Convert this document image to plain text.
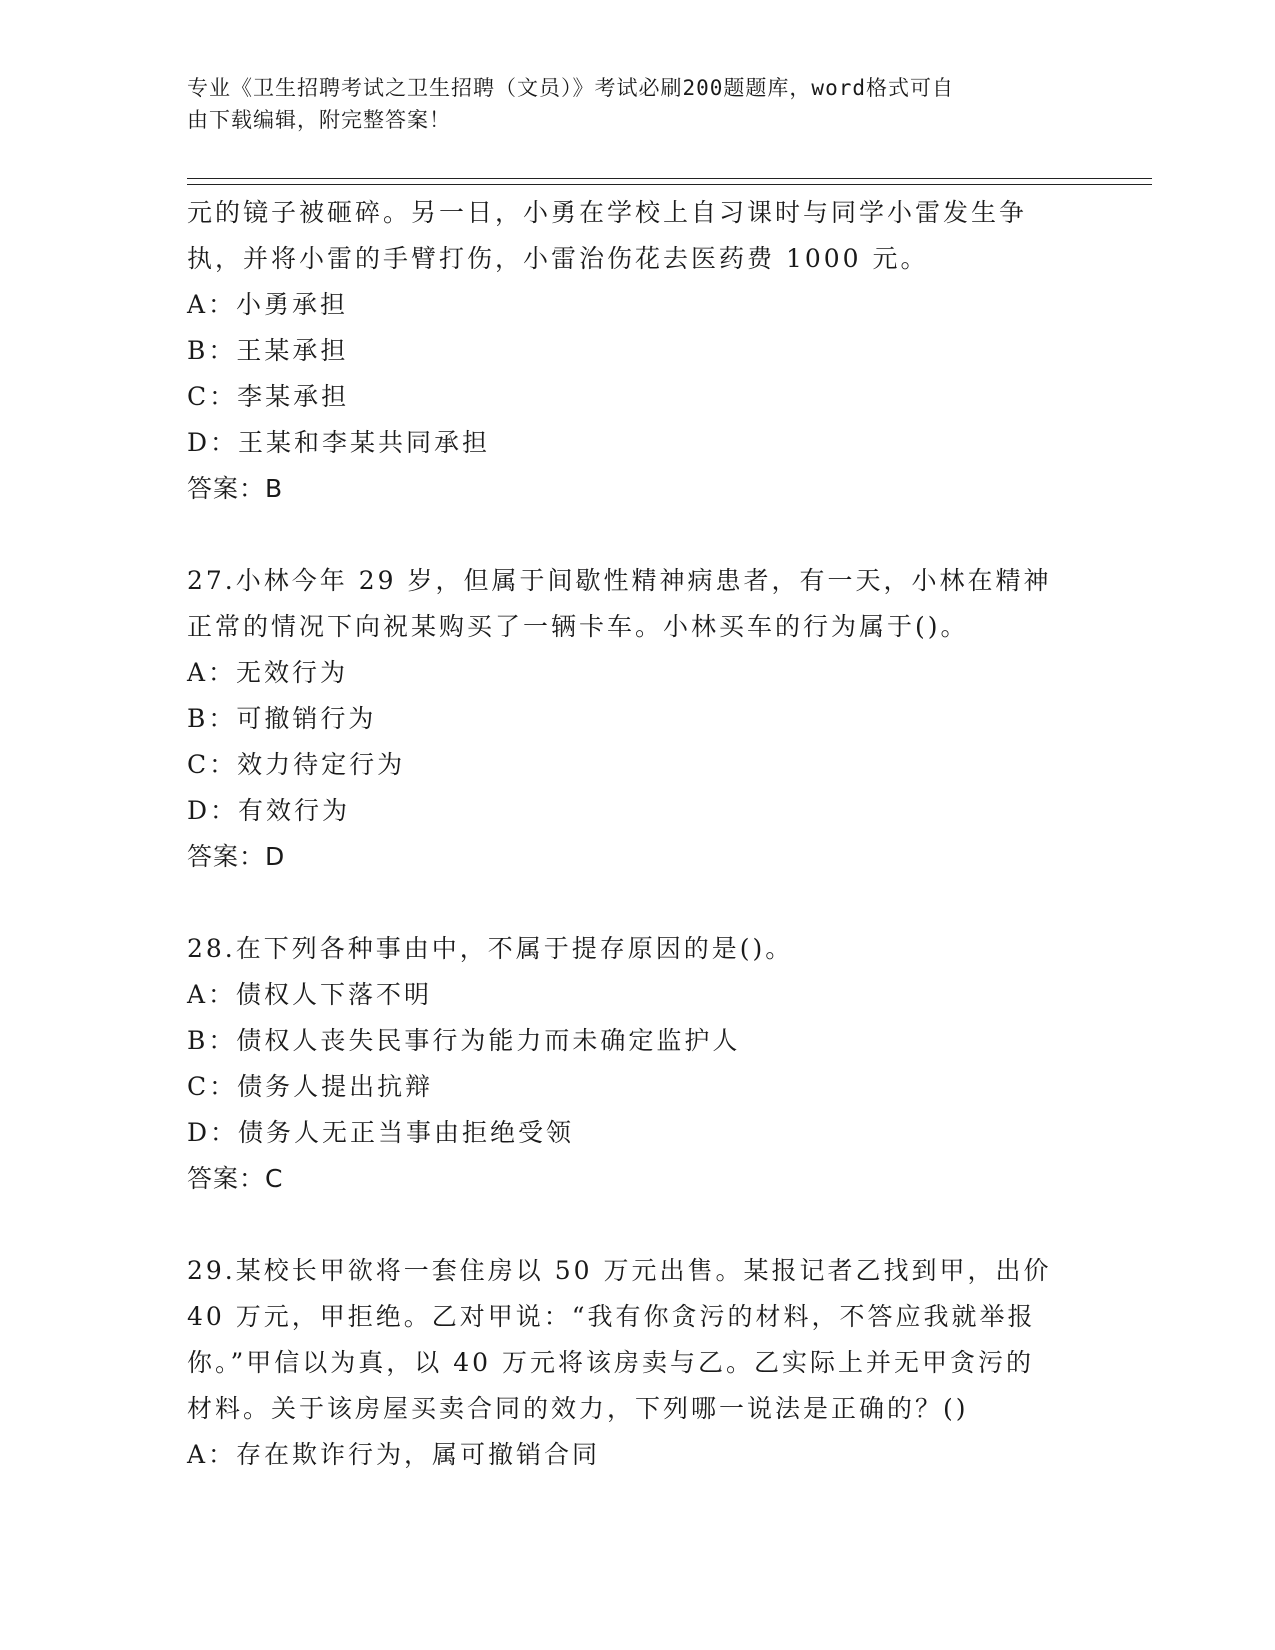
专业《卫生招聘考试之卫生招聘（文员）》考试必刷200题题库，word格式可自
由下载编辑，附完整答案！
元的镜子被砸碎。另一日，小勇在学校上自习课时与同学小雷发生争
执，并将小雷的手臂打伤，小雷治伤花去医药费 1000 元。
A：小勇承担
B：王某承担
C：李某承担
D：王某和李某共同承担
答案：B
27.小林今年 29 岁，但属于间歇性精神病患者，有一天，小林在精神
正常的情况下向祝某购买了一辆卡车。小林买车的行为属于()。
A：无效行为
B：可撤销行为
C：效力待定行为
D：有效行为
答案：D
28.在下列各种事由中，不属于提存原因的是()。
A：债权人下落不明
B：债权人丧失民事行为能力而未确定监护人
C：债务人提出抗辩
D：债务人无正当事由拒绝受领
答案：C
29.某校长甲欲将一套住房以 50 万元出售。某报记者乙找到甲，出价
40 万元，甲拒绝。乙对甲说：“我有你贪污的材料，不答应我就举报
你。”甲信以为真，以 40 万元将该房卖与乙。乙实际上并无甲贪污的
材料。关于该房屋买卖合同的效力，下列哪一说法是正确的？()
A：存在欺诈行为，属可撤销合同
